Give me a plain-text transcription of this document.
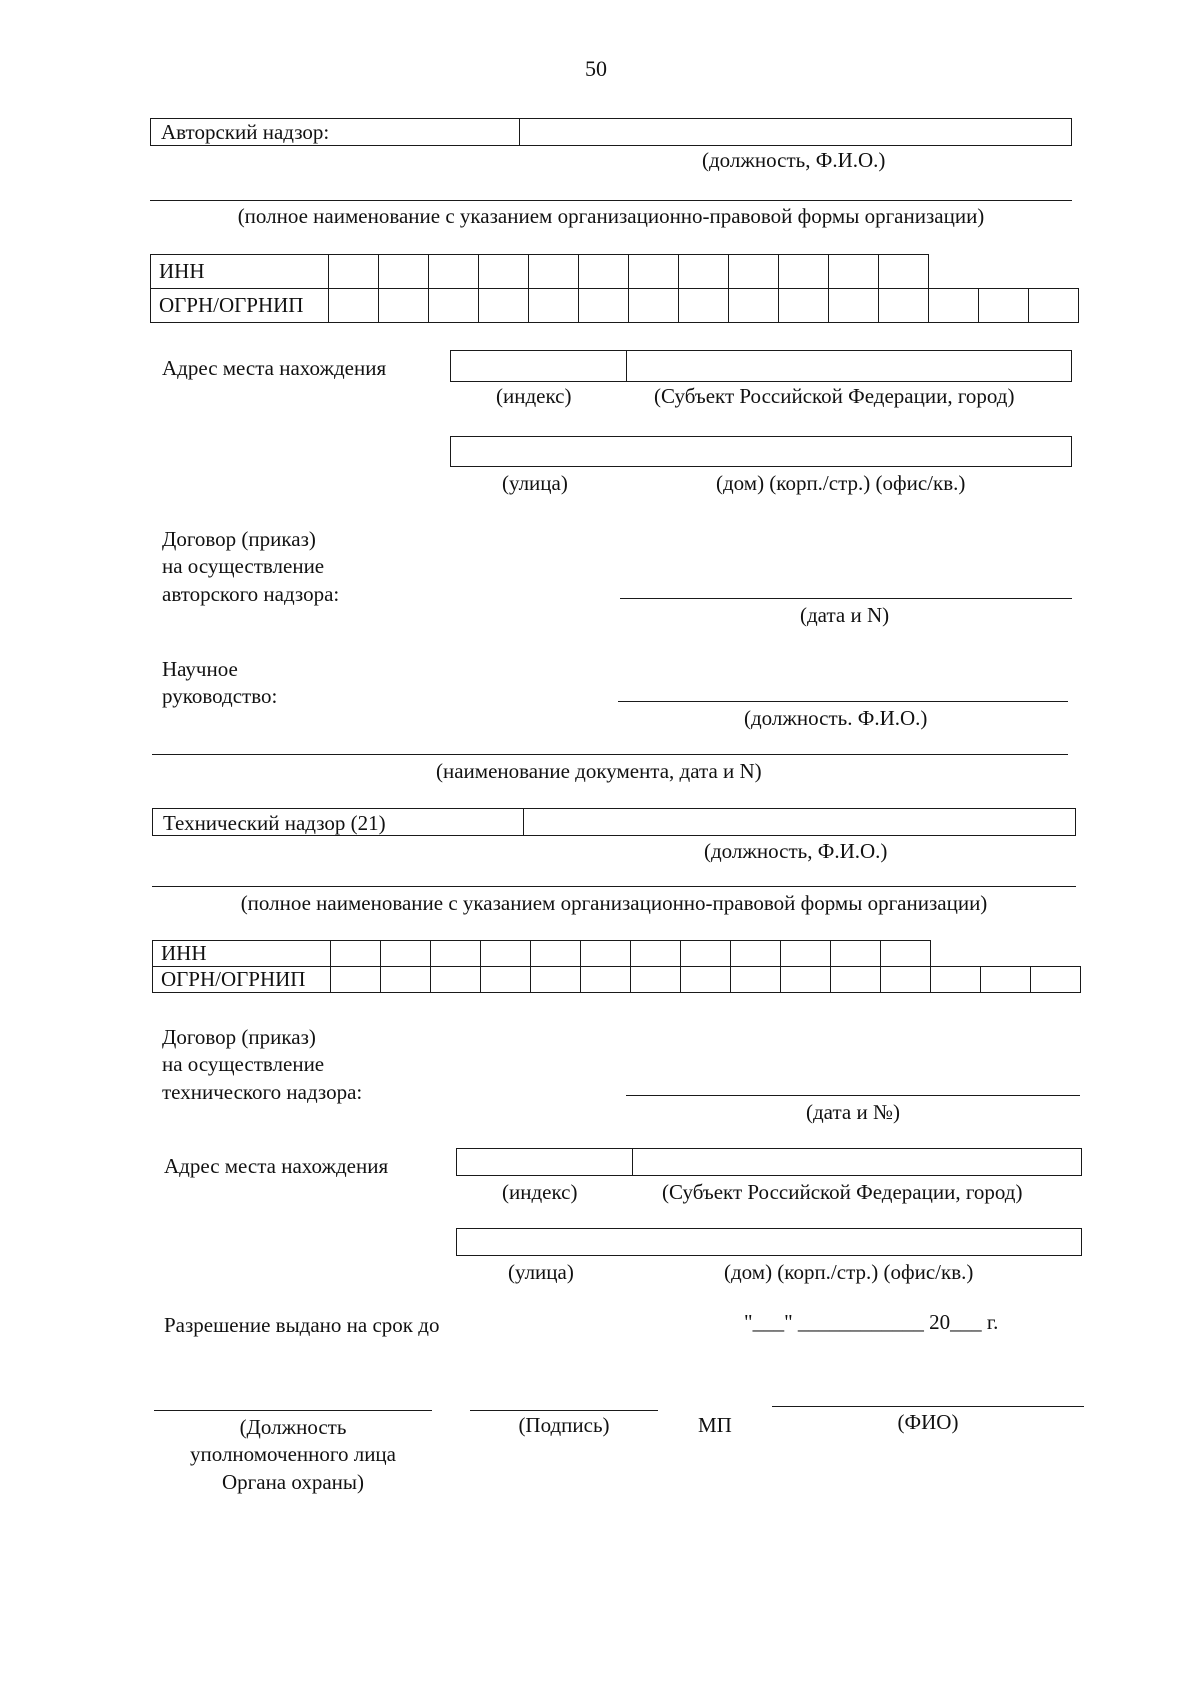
50
Авторский надзор:
(должность, Ф.И.О.)
(полное наименование с указанием организационно-правовой формы организации)
ИНН															
ОГРН/ОГРНИП															
Адрес места нахождения
(индекс)	(Субъект Российской Федерации, город)
(улица)	(дом) (корп./стр.) (офис/кв.)
Договор (приказ)
на осуществление
авторского надзора:
(дата и N)
Научное
руководство:
(должность. Ф.И.О.)
(наименование документа, дата и N)
Технический надзор (21)
(должность, Ф.И.О.)
(полное наименование с указанием организационно-правовой формы организации)
ИНН															
ОГРН/ОГРНИП															
Договор (приказ)
на осуществление
технического надзора:
(дата и №)
Адрес места нахождения
(индекс)	(Субъект Российской Федерации, город)
(улица)	(дом) (корп./стр.) (офис/кв.)
Разрешение выдано на срок до	"___" ____________ 20___ г.
(Должность
уполномоченного лица
Органа охраны)
(Подпись)	МП	(ФИО)
